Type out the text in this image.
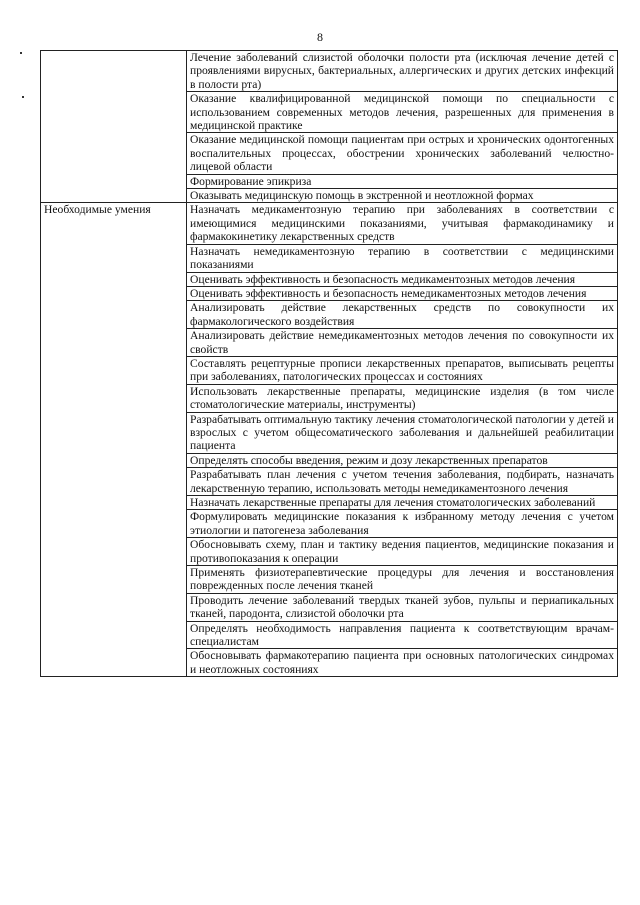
8
	Лечение заболеваний слизистой оболочки полости рта (исключая лечение детей с проявлениями вирусных, бактериальных, аллергических и других детских инфекций в полости рта)
	Оказание квалифицированной медицинской помощи по специальности с использованием современных методов лечения, разрешенных для применения в медицинской практике
	Оказание медицинской помощи пациентам при острых и хронических одонтогенных воспалительных процессах, обострении хронических заболеваний челюстно-лицевой области
	Формирование эпикриза
	Оказывать медицинскую помощь в экстренной и неотложной формах
Необходимые умения	Назначать медикаментозную терапию при заболеваниях в соответствии с имеющимися медицинскими показаниями, учитывая фармакодинамику и фармакокинетику лекарственных средств
	Назначать немедикаментозную терапию в соответствии с медицинскими показаниями
	Оценивать эффективность и безопасность медикаментозных методов лечения
	Оценивать эффективность и безопасность немедикаментозных методов лечения
	Анализировать действие лекарственных средств по совокупности их фармакологического воздействия
	Анализировать действие немедикаментозных методов лечения по совокупности их свойств
	Составлять рецептурные прописи лекарственных препаратов, выписывать рецепты при заболеваниях, патологических процессах и состояниях
	Использовать лекарственные препараты, медицинские изделия (в том числе стоматологические материалы, инструменты)
	Разрабатывать оптимальную тактику лечения стоматологической патологии у детей и взрослых с учетом общесоматического заболевания и дальнейшей реабилитации пациента
	Определять способы введения, режим и дозу лекарственных препаратов
	Разрабатывать план лечения с учетом течения заболевания, подбирать, назначать лекарственную терапию, использовать методы немедикаментозного лечения
	Назначать лекарственные препараты для лечения стоматологических заболеваний
	Формулировать медицинские показания к избранному методу лечения с учетом этиологии и патогенеза заболевания
	Обосновывать схему, план и тактику ведения пациентов, медицинские показания и противопоказания к операции
	Применять физиотерапевтические процедуры для лечения и восстановления поврежденных после лечения тканей
	Проводить лечение заболеваний твердых тканей зубов, пульпы и периапикальных тканей, пародонта, слизистой оболочки рта
	Определять необходимость направления пациента к соответствующим врачам-специалистам
	Обосновывать фармакотерапию пациента при основных патологических синдромах и неотложных состояниях
